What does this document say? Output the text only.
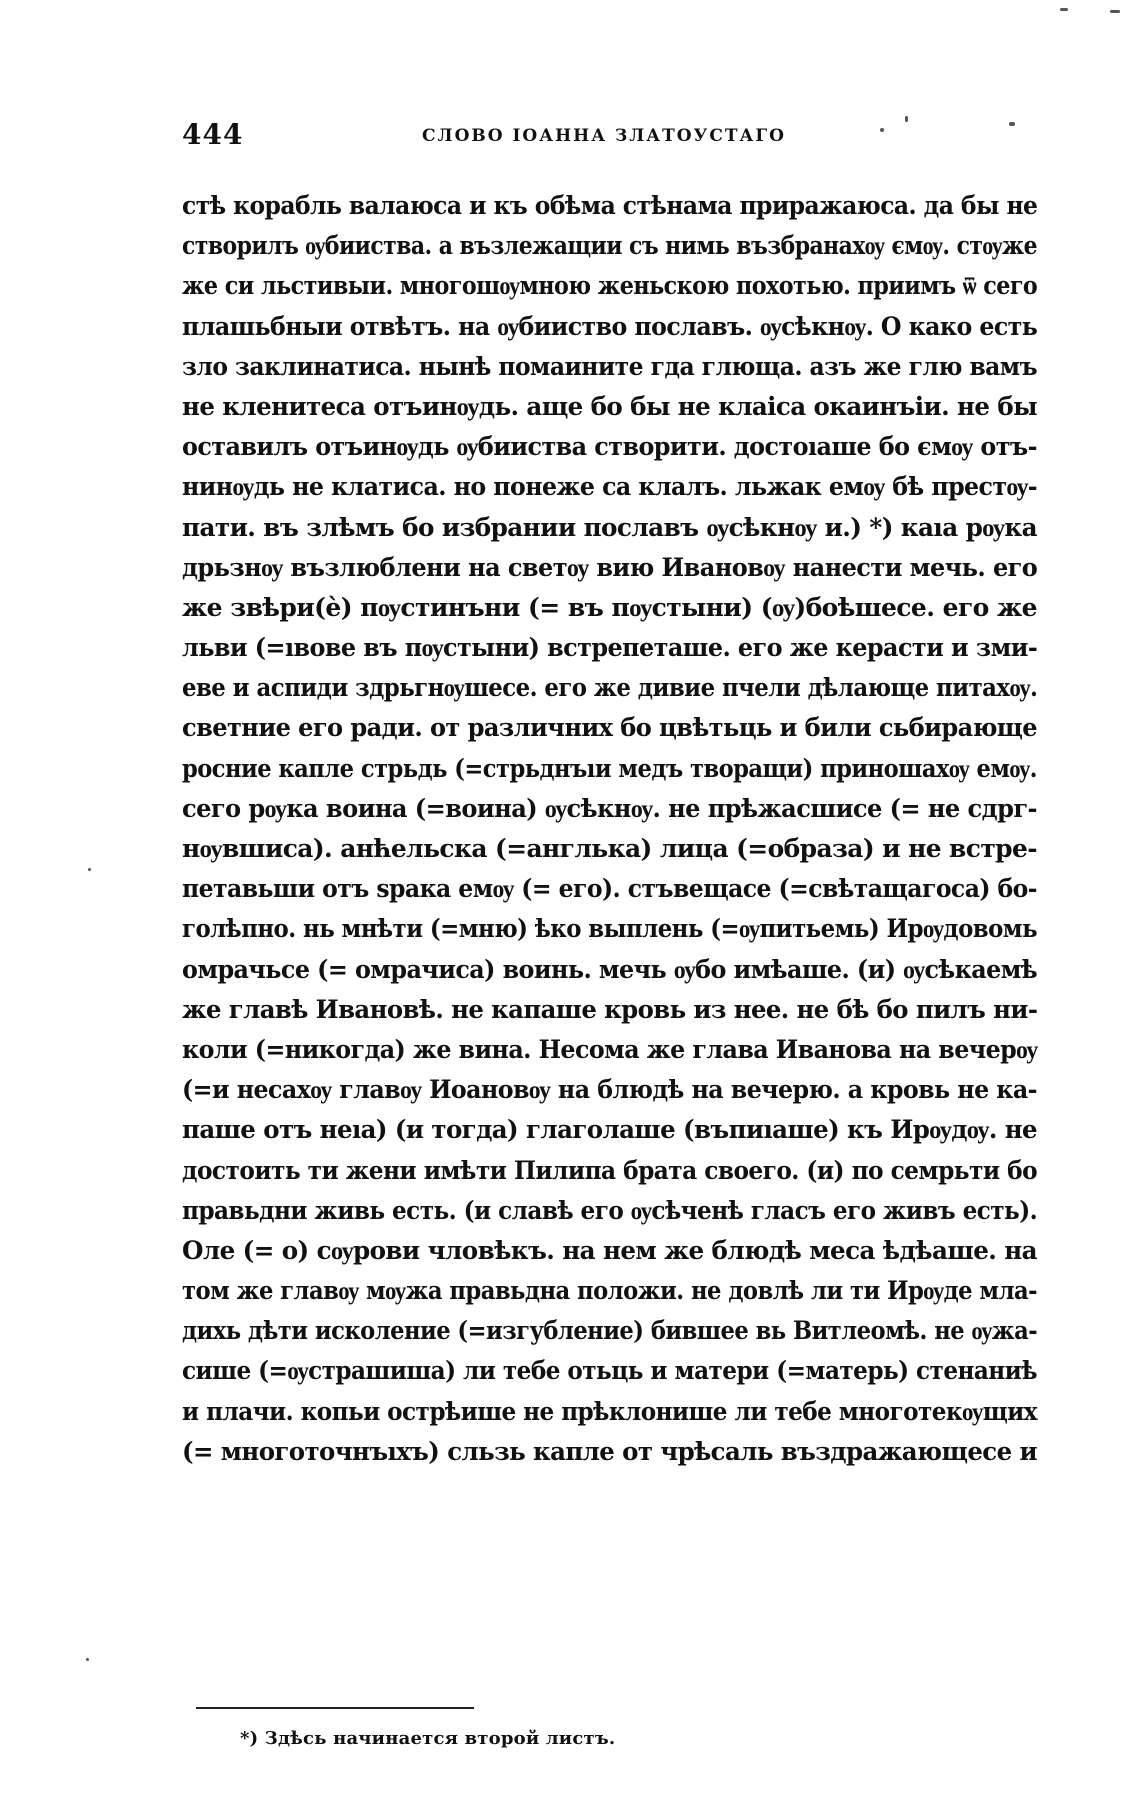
444	СЛОВО ІОАННА ЗЛАТОУСТАГО
стѣ корабль валаюса и къ обѣма стѣнама приражаюса. да бы не
створилъ ѹбииства. а възлежащии съ нимь възбранахѹ ємѹ. стѹже
же си льстивыи. многошѹмною женьскою похотью. приимъ ѿ сего
плашьбныи отвѣтъ. на ѹбииство пославъ. ѹсѣкнѹ. О како есть
зло заклинатиса. нынѣ помаините гда глюща. азъ же глю вамъ
не кленитеса отъинѹдь. аще бо бы не клаіса окаинъіи. не бы
оставилъ отъинѹдь ѹбииства створити. достоıаше бо ємѹ отъ-
нинѹдь не клатиса. но понеже са клалъ. льжак емѹ бѣ престѹ-
пати. въ злѣмъ бо избрании пославъ ѹсѣкнѹ и.) *) каıа рѹка
дрьзнѹ възлюблени на светѹ вию Ивановѹ нанести мечь. его
же звѣри(ѐ) пѹстинъни (= въ пѹстыни) (ѹ)боѣшесе. его же
льви (=ıвове въ пѹстыни) встрепеташе. его же керасти и зми-
еве и аспиди здрьгнѹшесе. его же дивие пчели дѣлающе питахѹ.
светние его ради. от различних бо цвѣтьць и били сьбирающе
росние капле стрьдь (=стрьднъıи медъ творащи) приношахѹ емѹ.
сего рѹка воина (=воина) ѹсѣкнѹ. не прѣжасшисе (= не сдрг-
нѹвшиса). анћельска (=англька) лица (=образа) и не встре-
петавьши отъ ѕрака емѹ (= его). стъвещасе (=свѣтащагоса) бо-
голѣпно. нь мнѣти (=мню) ѣко выплень (=ѹпитьемь) Ирѹдовомь
омрачьсе (= омрачиса) воинь. мечь ѹбо имѣаше. (и) ѹсѣкаемѣ
же главѣ Ивановѣ. не капаше кровь из нее. не бѣ бо пилъ ни-
коли (=никогда) же вина. Несома же глава Иванова на вечерѹ
(=и несахѹ главѹ Иоановѹ на блюдѣ на вечерю. а кровь не ка-
паше отъ неıа) (и тогда) глаголаше (въпиıаше) къ Ирѹдѹ. не
достоить ти жени имѣти Пилипа брата своего. (и) по семрьти бо
правьдни живь есть. (и славѣ его ѹсѣченѣ гласъ его живъ есть).
Оле (= о) сѹрови чловѣкъ. на нем же блюдѣ меса ѣдѣаше. на
том же главѹ мѹжа правьдна положи. не довлѣ ли ти Ирѹде мла-
дихь дѣти исколение (=изгубление) бившее вь Витлеомѣ. не ѹжа-
сише (=ѹстрашиша) ли тебе отьць и матери (=матерь) стенаниѣ
и плачи. копьи острѣише не прѣклонише ли тебе многотекѹщих
(= многоточнъıхъ) сльзь капле от чрѣсаль въздражающесе и
*) Здѣсь начинается второй листъ.
